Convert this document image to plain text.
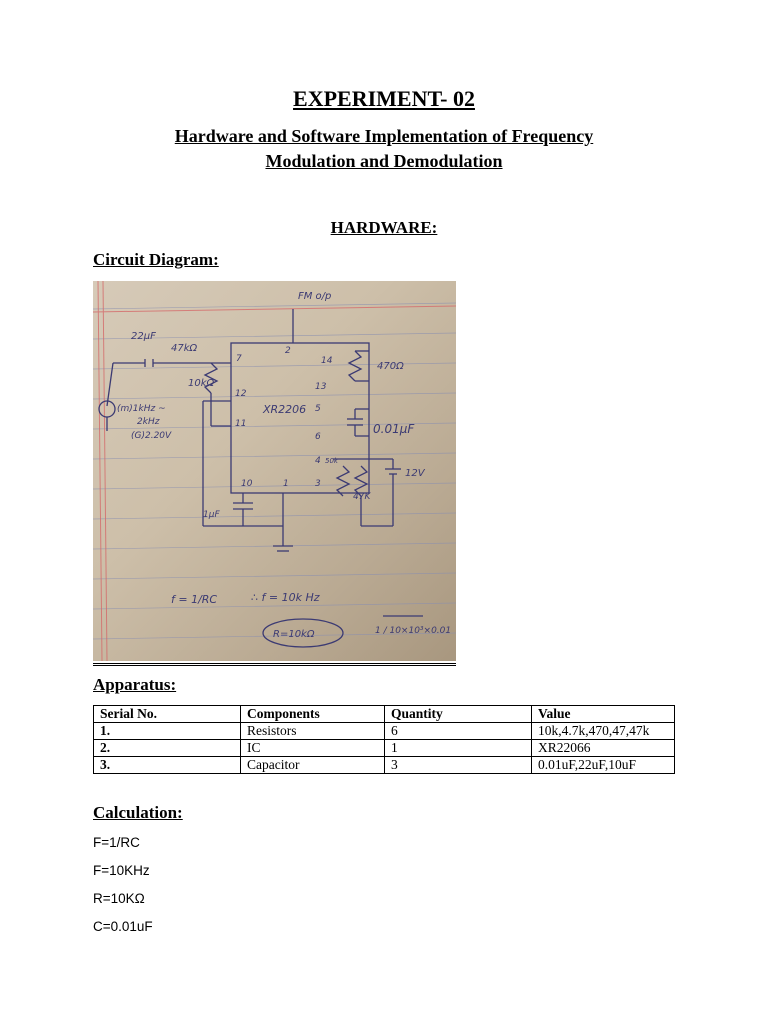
EXPERIMENT- 02
Hardware and Software Implementation of Frequency
Modulation and Demodulation
HARDWARE:
Circuit Diagram:
FM o/p
22μF
47kΩ
10kΩ
470Ω
XR2206
0.01μF
12V
47K
50k
1μF
(m)1kHz ~
2kHz
(G)2.20V
7
2
14
13
12
11
5
6
4
10	1	3
f = 1/RC	∴ f = 10k Hz
R=10kΩ	1 / 10×10³×0.01
Apparatus:
Serial No.	Components	Quantity	Value
1.	Resistors	6	10k,4.7k,470,47,47k
2.	IC	1	XR22066
3.	Capacitor	3	0.01uF,22uF,10uF
Calculation:
F=1/RC
F=10KHz
R=10KΩ
C=0.01uF
